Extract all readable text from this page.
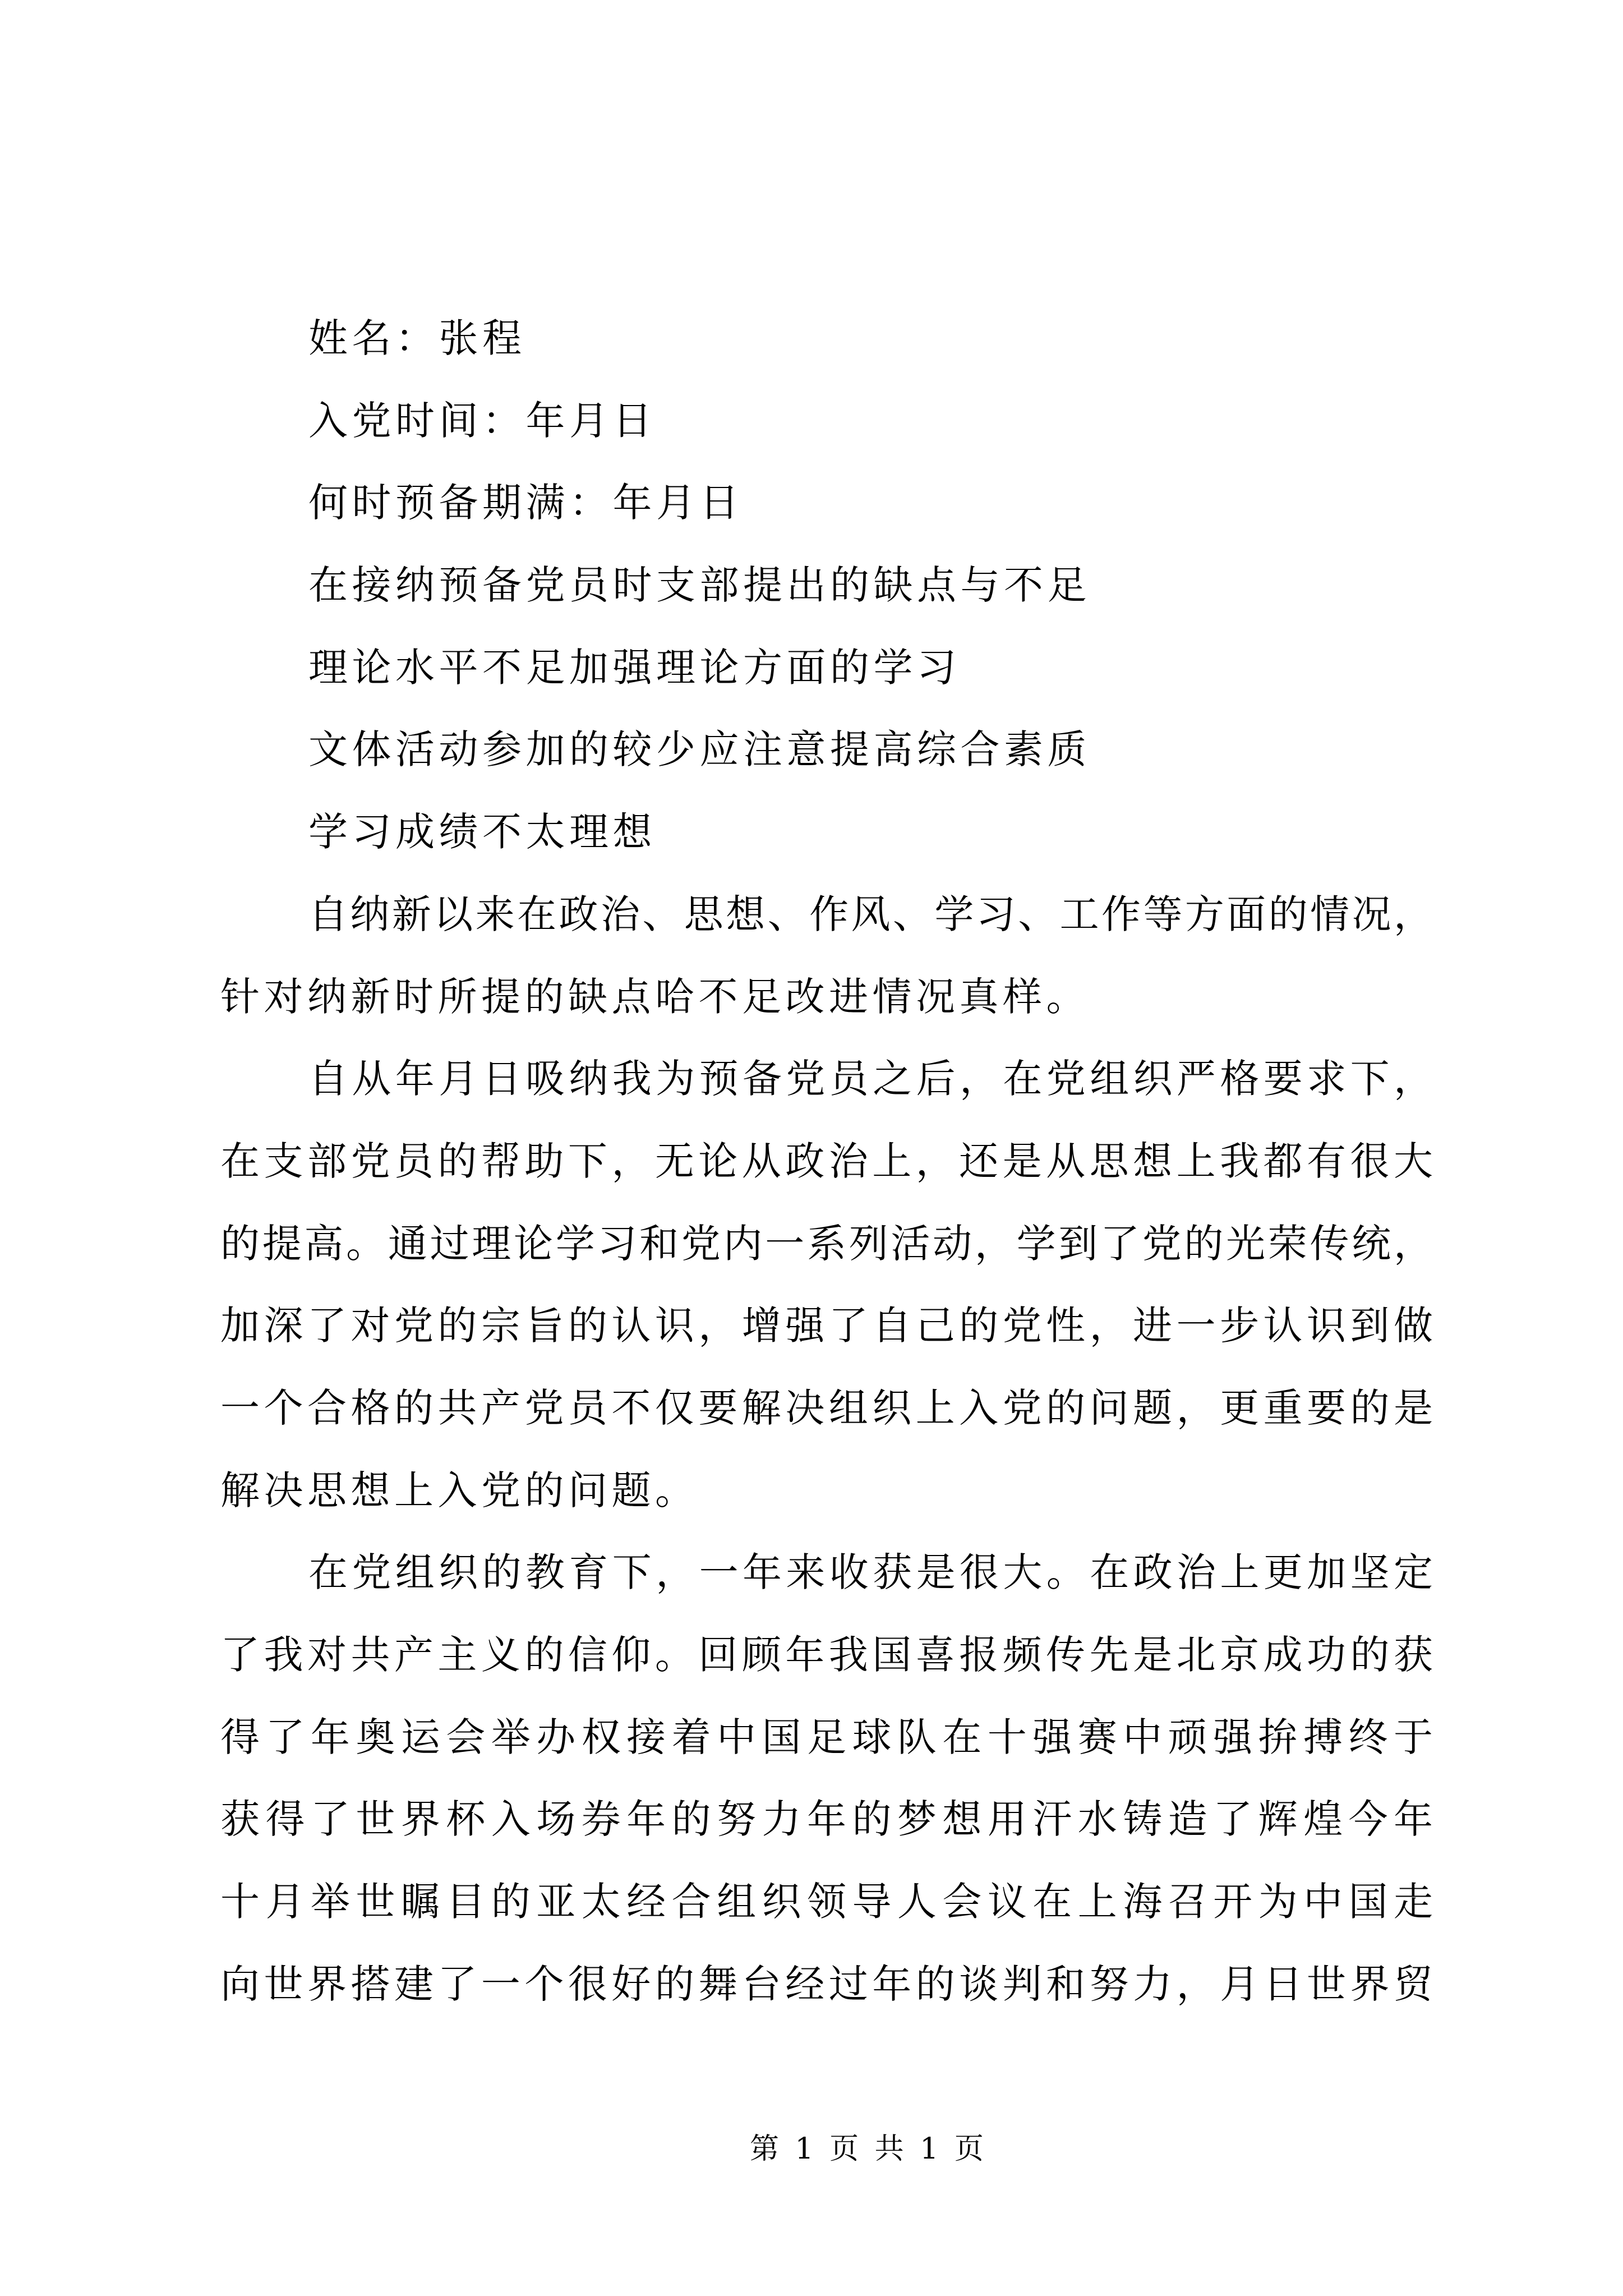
姓名：张程
入党时间：年月日
何时预备期满：年月日
在接纳预备党员时支部提出的缺点与不足
理论水平不足加强理论方面的学习
文体活动参加的较少应注意提高综合素质
学习成绩不太理想
自纳新以来在政治、思想、作风、学习、工作等方面的情况，
针对纳新时所提的缺点哈不足改进情况真样。
自从年月日吸纳我为预备党员之后，在党组织严格要求下，
在支部党员的帮助下，无论从政治上，还是从思想上我都有很大
的提高。通过理论学习和党内一系列活动，学到了党的光荣传统，
加深了对党的宗旨的认识，增强了自己的党性，进一步认识到做
一个合格的共产党员不仅要解决组织上入党的问题，更重要的是
解决思想上入党的问题。
在党组织的教育下，一年来收获是很大。在政治上更加坚定
了我对共产主义的信仰。回顾年我国喜报频传先是北京成功的获
得了年奥运会举办权接着中国足球队在十强赛中顽强拚搏终于
获得了世界杯入场券年的努力年的梦想用汗水铸造了辉煌今年
十月举世瞩目的亚太经合组织领导人会议在上海召开为中国走
向世界搭建了一个很好的舞台经过年的谈判和努力，月日世界贸
第 1 页 共 1 页
